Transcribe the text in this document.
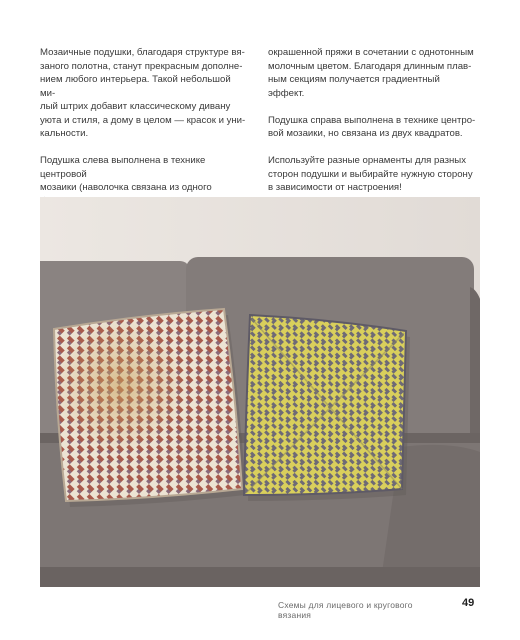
Мозаичные подушки, благодаря структуре вя-
заного полотна, станут прекрасным дополне-
нием любого интерьера. Такой небольшой ми-
лый штрих добавит классическому дивану
уюта и стиля, а дому в целом — красок и уни-
кальности.

Подушка слева выполнена в технике центровой
мозаики (наволочка связана из одного

окрашенной пряжи в сочетании с однотонным
молочным цветом. Благодаря длинным плав-
ным секциям получается градиентный эффект.

Подушка справа выполнена в технике центро-
вой мозаики, но связана из двух квадратов.

Используйте разные орнаменты для разных
сторон подушки и выбирайте нужную сторону
в зависимости от настроения!

Схемы для лицевого и кругового вязания
49
